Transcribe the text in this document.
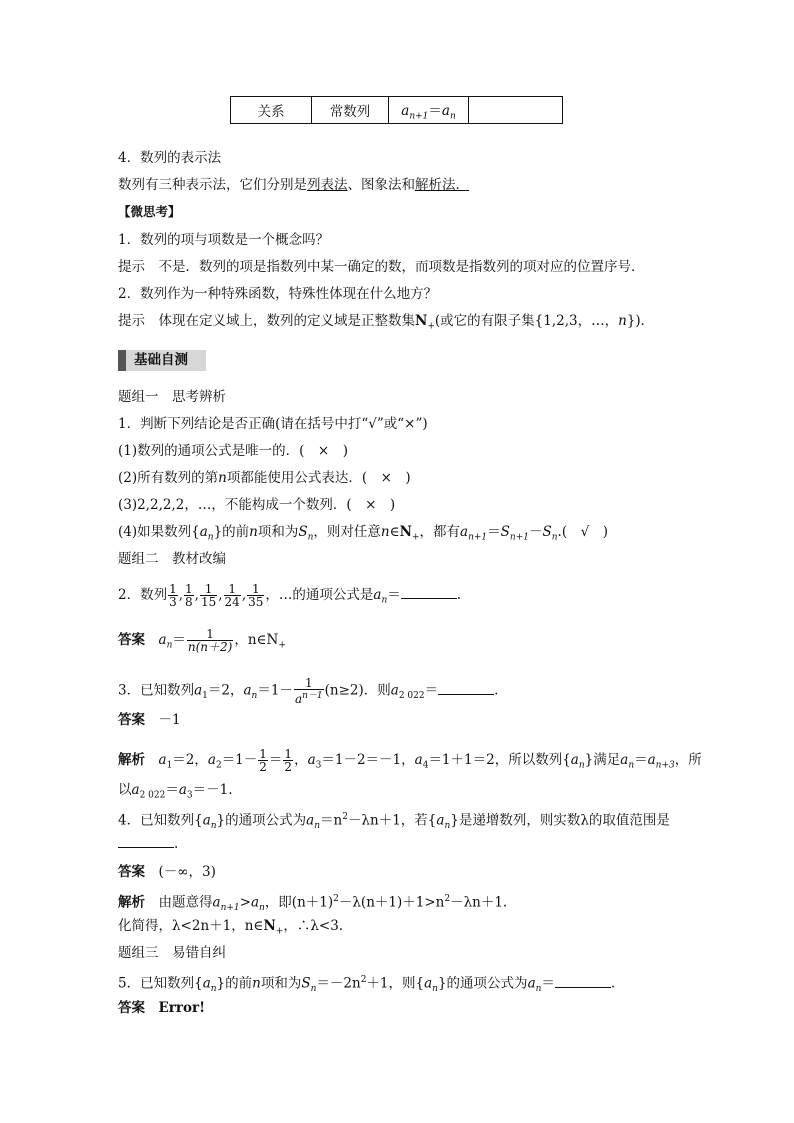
关系	常数列	$a_{n+1}=a_n$	
4．数列的表示法
数列有三种表示法，它们分别是列表法、图象法和解析法．
【微思考】
1．数列的项与项数是一个概念吗？
提示　不是．数列的项是指数列中某一确定的数，而项数是指数列的项对应的位置序号．
2．数列作为一种特殊函数，特殊性体现在什么地方？
提示　体现在定义域上，数列的定义域是正整数集$N_+$(或它的有限子集{1,2,3，…，n})．
基础自测
题组一　思考辨析
1．判断下列结论是否正确(请在括号中打“√”或“×”)
(1)数列的通项公式是唯一的．(　×　)
(2)所有数列的第n项都能使用公式表达．(　×　)
(3)2,2,2,2，…，不能构成一个数列．(　×　)
(4)如果数列$\{a_n\}$的前n项和为$S_n$，则对任意$n\in N_+$，都有$a_{n+1}=S_{n+1}-S_n$.(　√　)
题组二　教材改编
2．数列 $\frac{1}{3}$ , $\frac{1}{8}$ , $\frac{1}{15}$ , $\frac{1}{24}$ , $\frac{1}{35}$ ，…的通项公式是$a_n=$	.
答案　$a_n= \frac{1}{n(n+2)}$ ，$n\in N_+$
3．已知数列$a_1=2$，$a_n=1- \frac{1}{a^{n-1}} (n\ge 2)$．则$a_{2 022}=$	.
答案　－1
解析　$a_1=2$，$a_2=1- \frac{1}{2} = \frac{1}{2}$ ，$a_3=1-2=-1$，$a_4=1+1=2$，所以数列$\{a_n\}$满足$a_n=a_{n+3}$，所
以$a_{2 022}=a_3=-1$.
4．已知数列$\{a_n\}$的通项公式为$a_n=n^2-\lambda n+1$，若$\{a_n\}$是递增数列，则实数λ的取值范围是
.
答案　(－∞，3)
解析　由题意得$a_{n+1}>a_n$，即$(n+1)^2-\lambda(n+1)+1>n^2-\lambda n+1$.
化简得，λ<2n＋1，$n\in N_+$，∴λ<3.
题组三　易错自纠
5．已知数列$\{a_n\}$的前n项和为$S_n=-2n^2+1$，则$\{a_n\}$的通项公式为$a_n=$	.
答案　Error!
